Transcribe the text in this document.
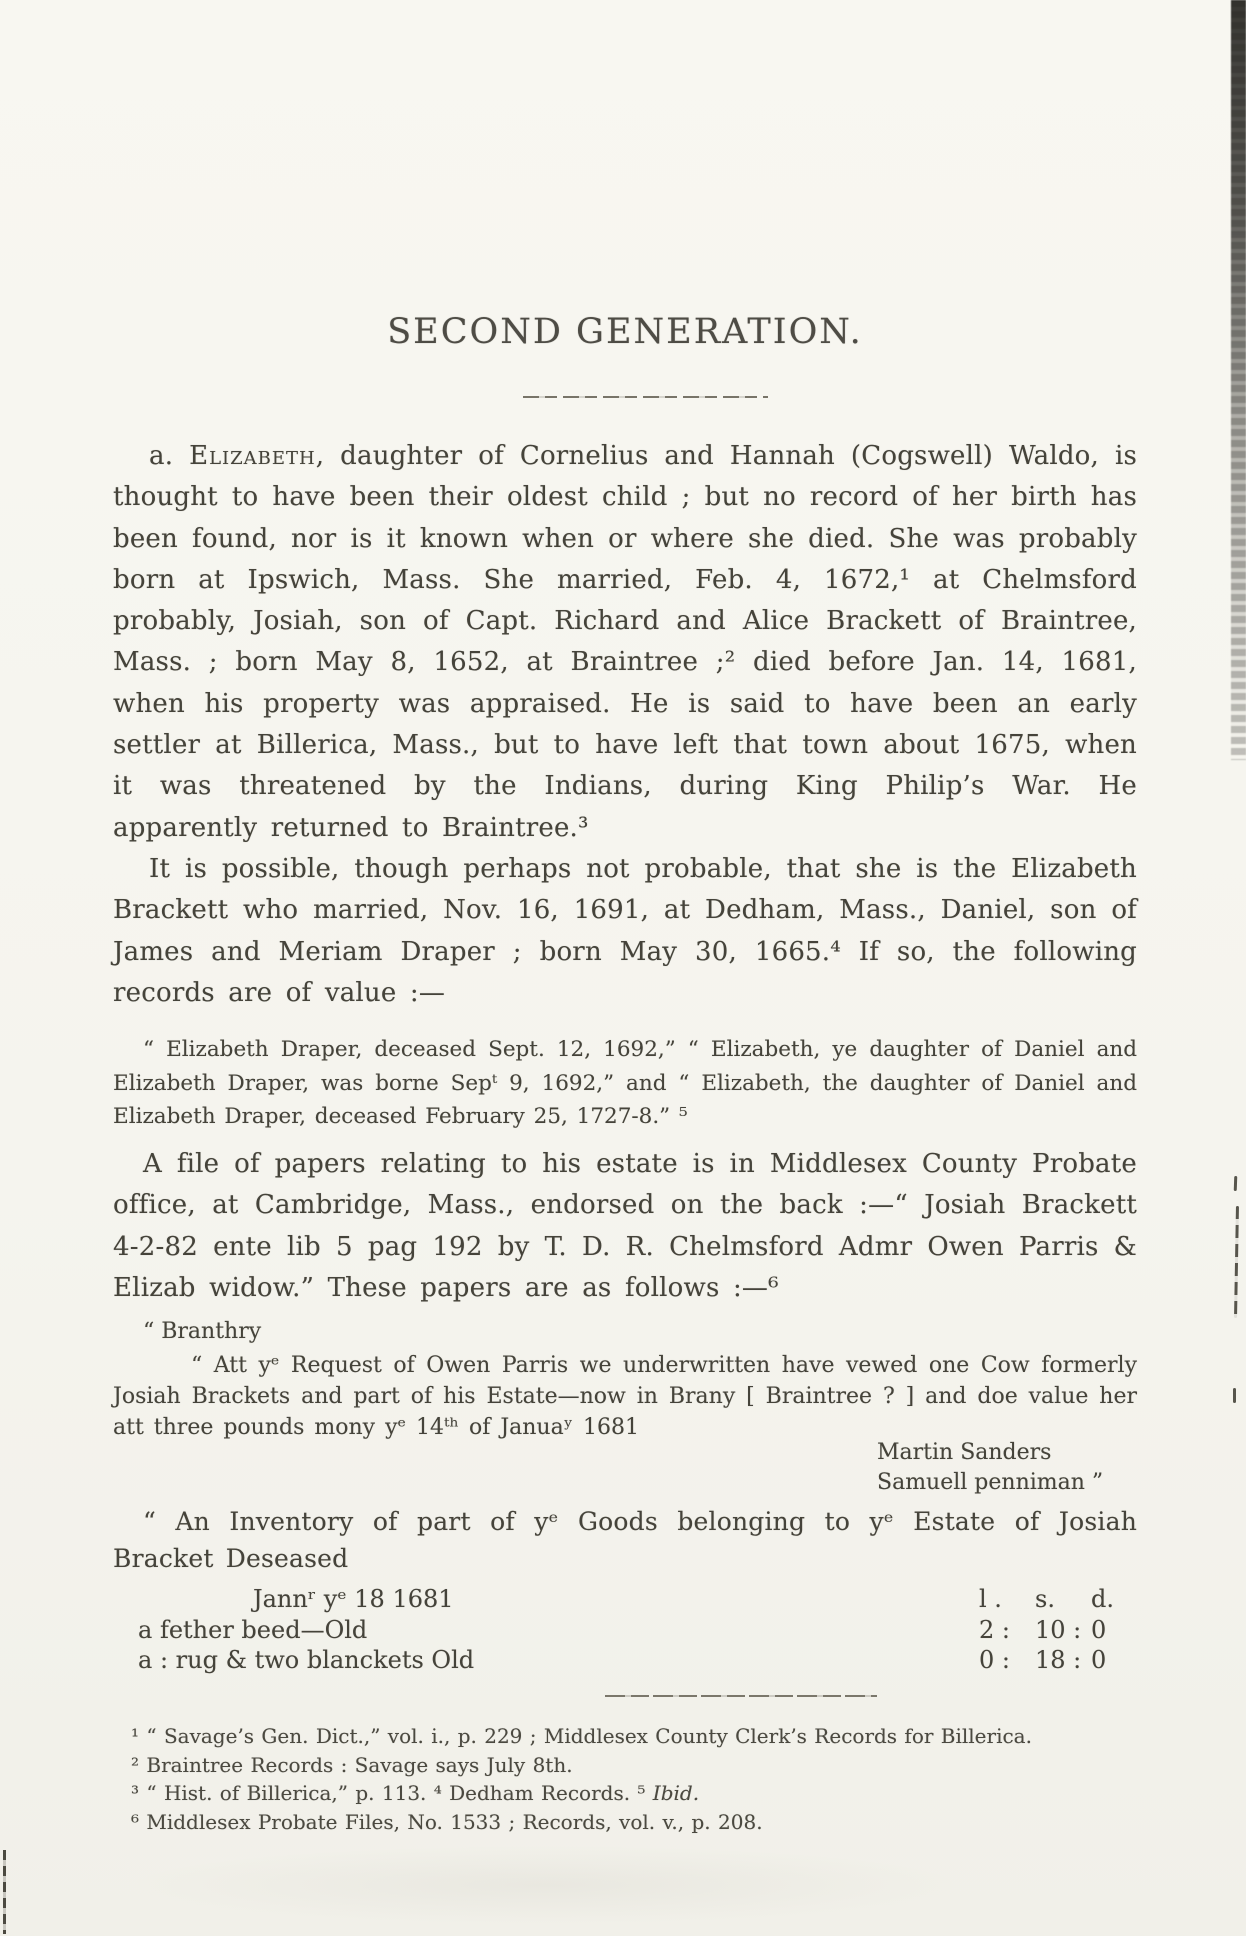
SECOND GENERATION.

a. Elizabeth, daughter of Cornelius and Hannah (Cogswell) Waldo, is thought to have been their oldest child ; but no record of her birth has been found, nor is it known when or where she died. She was probably born at Ipswich, Mass. She married, Feb. 4, 1672,¹ at Chelmsford probably, Josiah, son of Capt. Richard and Alice Brackett of Braintree, Mass. ; born May 8, 1652, at Braintree ;² died before Jan. 14, 1681, when his property was appraised. He is said to have been an early settler at Billerica, Mass., but to have left that town about 1675, when it was threatened by the Indians, during King Philip’s War. He apparently returned to Braintree.³

It is possible, though perhaps not probable, that she is the Elizabeth Brackett who married, Nov. 16, 1691, at Dedham, Mass., Daniel, son of James and Meriam Draper ; born May 30, 1665.⁴ If so, the following records are of value :—

“ Elizabeth Draper, deceased Sept. 12, 1692,” “ Elizabeth, ye daughter of Daniel and Elizabeth Draper, was borne Sepᵗ 9, 1692,” and “ Elizabeth, the daughter of Daniel and Elizabeth Draper, deceased February 25, 1727-8.” ⁵

A file of papers relating to his estate is in Middlesex County Probate office, at Cambridge, Mass., endorsed on the back :—“ Josiah Brackett 4-2-82 ente lib 5 pag 192 by T. D. R. Chelmsford Admr Owen Parris & Elizab widow.” These papers are as follows :—⁶

“ Branthry

“ Att yᵉ Request of Owen Parris we underwritten have vewed one Cow formerly Josiah Brackets and part of his Estate—now in Brany [ Braintree ? ] and doe value her att three pounds mony yᵉ 14ᵗʰ of Januaʸ 1681

Martin Sanders

Samuell penniman ”

“ An Inventory of part of yᵉ Goods belonging to yᵉ Estate of Josiah Bracket Deseased

Jannʳ yᵉ 18 1681	l .	s.	d.
a fether beed—Old	2 :	10 : 0
a : rug & two blanckets Old	0 :	18 : 0

¹ “ Savage’s Gen. Dict.,” vol. i., p. 229 ; Middlesex County Clerk’s Records for Billerica.

² Braintree Records : Savage says July 8th.

³ “ Hist. of Billerica,” p. 113. ⁴ Dedham Records. ⁵ Ibid.

⁶ Middlesex Probate Files, No. 1533 ; Records, vol. v., p. 208.
